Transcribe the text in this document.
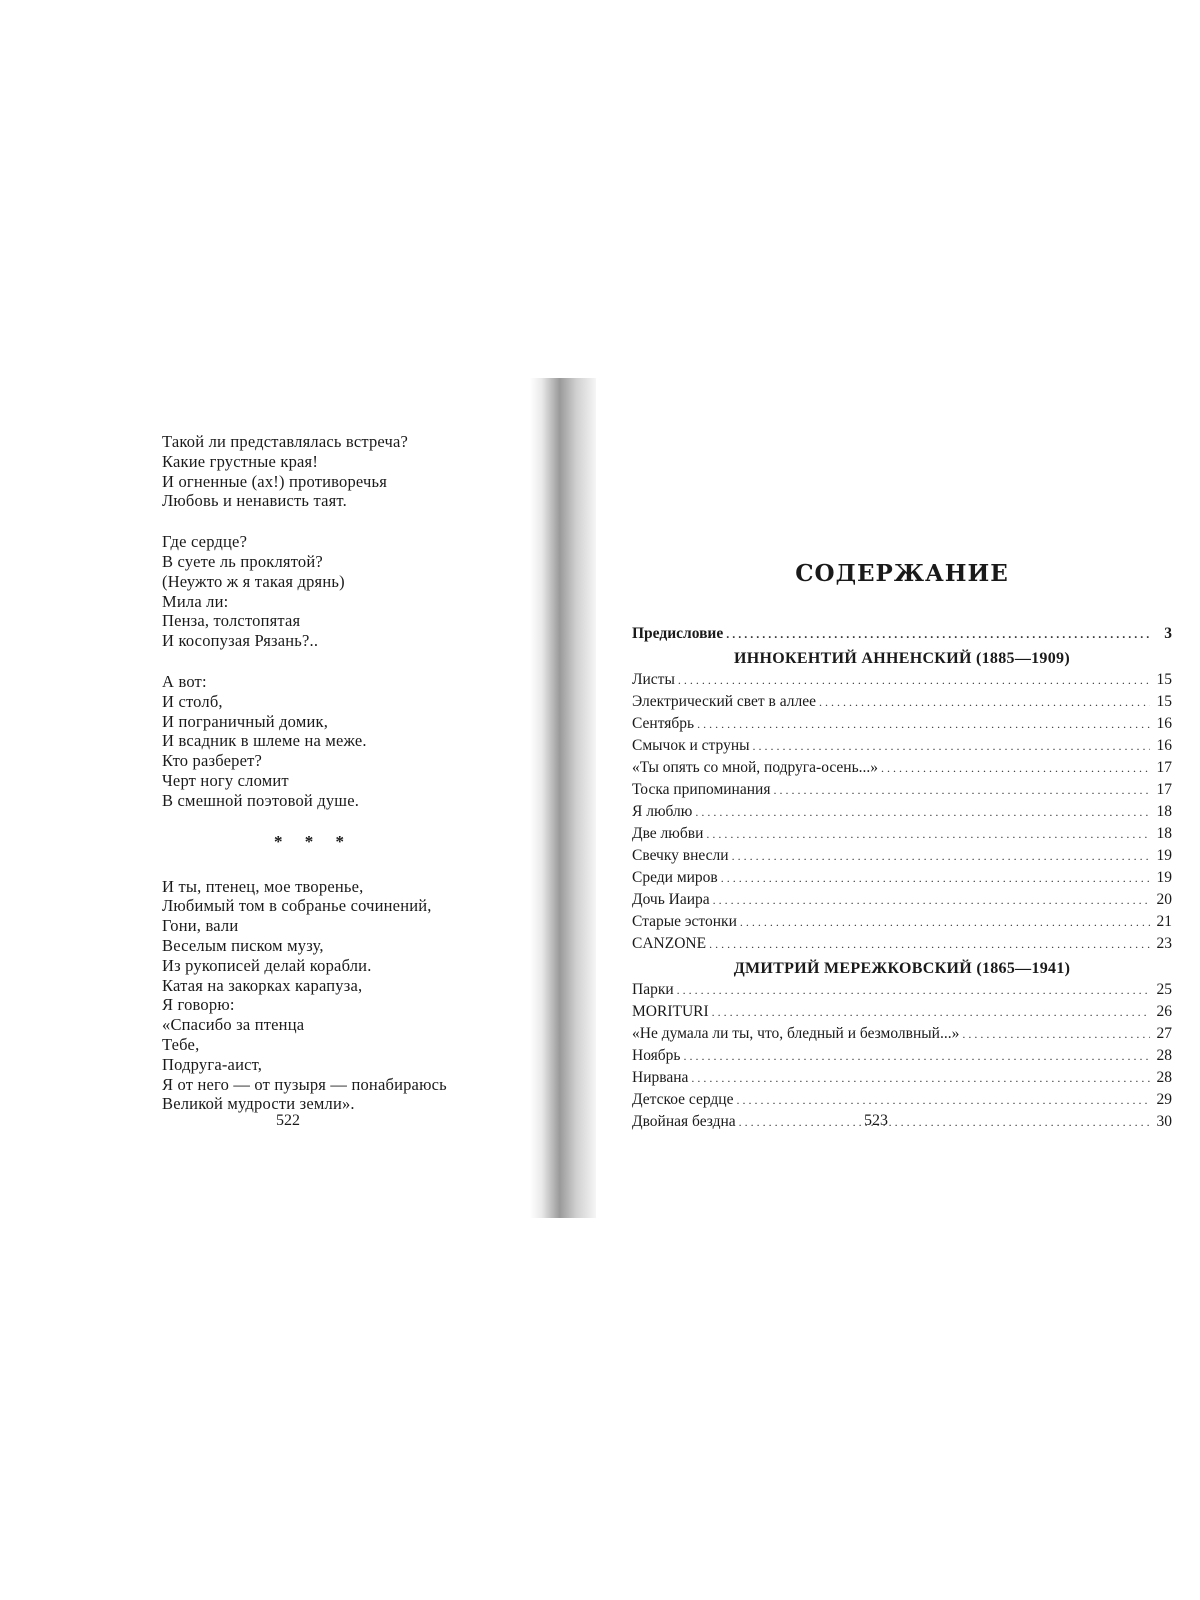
Такой ли представлялась встреча?
Какие грустные края!
И огненные (ах!) противоречья
Любовь и ненависть таят.
Где сердце?
В суете ль проклятой?
(Неужто ж я такая дрянь)
Мила ли:
Пенза, толстопятая
И косопузая Рязань?..
А вот:
И столб,
И пограничный домик,
И всадник в шлеме на меже.
Кто разберет?
Черт ногу сломит
В смешной поэтовой душе.
* * *
И ты, птенец, мое творенье,
Любимый том в собранье сочинений,
Гони, вали
Веселым писком музу,
Из рукописей делай корабли.
Катая на закорках карапуза,
Я говорю:
«Спасибо за птенца
Тебе,
Подруга-аист,
Я от него — от пузыря — понабираюсь
Великой мудрости земли».
522
СОДЕРЖАНИЕ
Предисловие . . .	3
ИННОКЕНТИЙ АННЕНСКИЙ (1885—1909)
Листы . . .	15
Электрический свет в аллее . . .	15
Сентябрь . . .	16
Смычок и струны . . .	16
«Ты опять со мной, подруга-осень...» . . .	17
Тоска припоминания . . .	17
Я люблю . . .	18
Две любви . . .	18
Свечку внесли . . .	19
Среди миров . . .	19
Дочь Иаира . . .	20
Старые эстонки . . .	21
CANZONE . . .	23
ДМИТРИЙ МЕРЕЖКОВСКИЙ (1865—1941)
Парки . . .	25
MORITURI . . .	26
«Не думала ли ты, что, бледный и безмолвный...» . . .	27
Ноябрь . . .	28
Нирвана . . .	28
Детское сердце . . .	29
Двойная бездна . . .	30
523
